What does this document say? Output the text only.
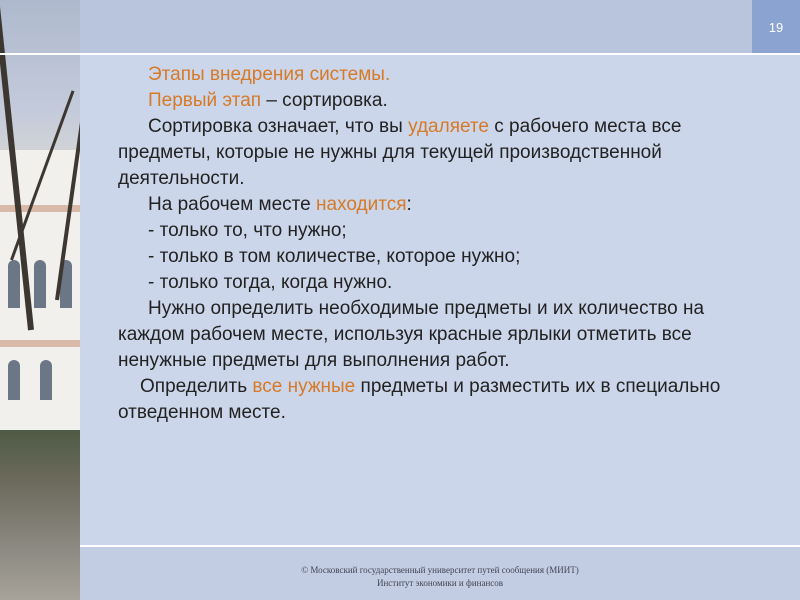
19

Этапы внедрения системы.

Первый этап – сортировка.

Сортировка означает, что вы удаляете с рабочего места все предметы, которые не нужны для текущей производственной деятельности.

На рабочем месте находится:

- только то, что нужно;

- только в том количестве, которое нужно;

- только тогда, когда нужно.

Нужно определить необходимые предметы и их количество на каждом рабочем месте, используя красные ярлыки отметить все ненужные предметы для выполнения работ.

Определить все нужные предметы и разместить их в специально отведенном месте.

© Московский государственный университет путей сообщения (МИИТ)
Институт экономики и финансов
